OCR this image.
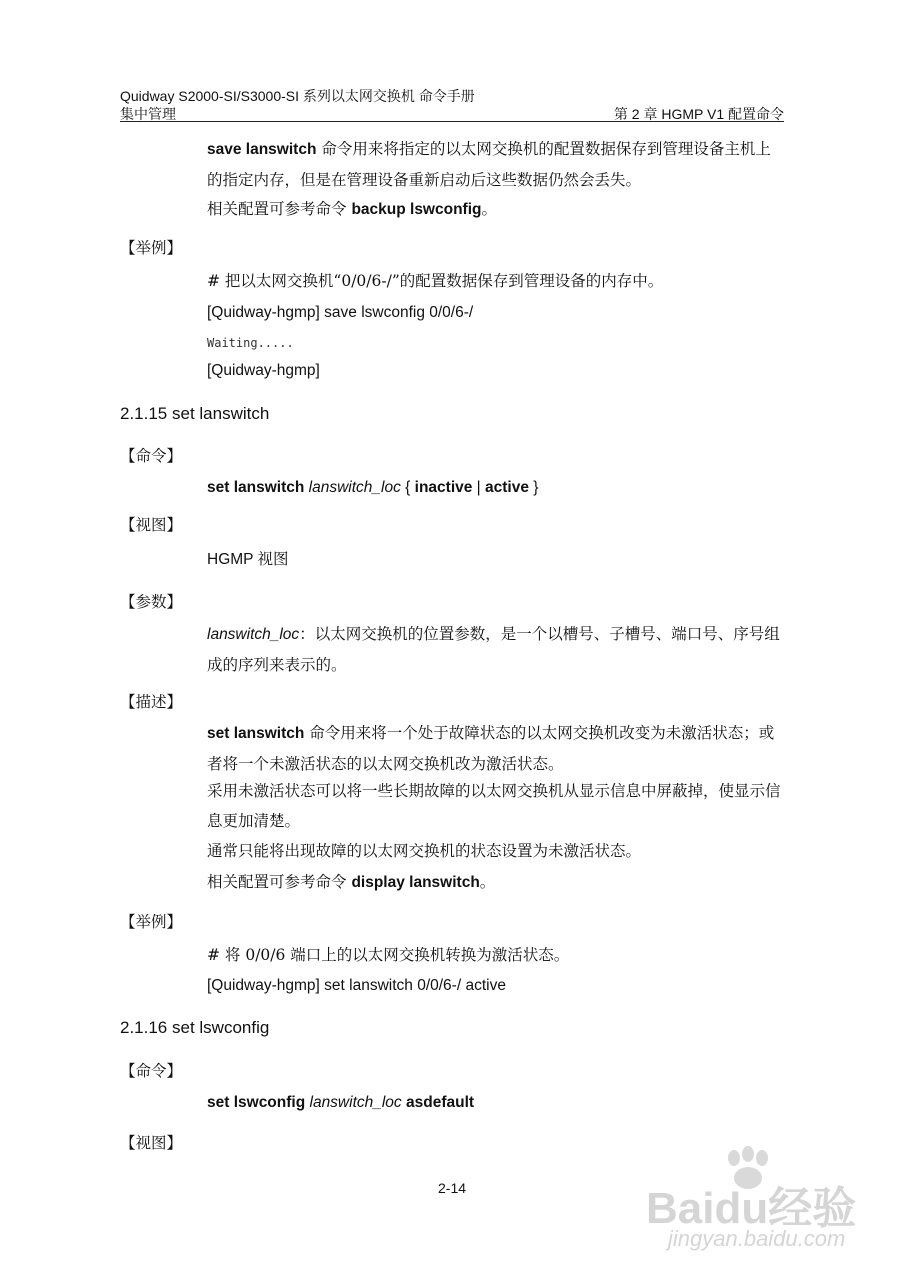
Quidway S2000-SI/S3000-SI 系列以太网交换机 命令手册
集中管理	第 2 章 HGMP V1 配置命令
save lanswitch 命令用来将指定的以太网交换机的配置数据保存到管理设备主机上的指定内存，但是在管理设备重新启动后这些数据仍然会丢失。
相关配置可参考命令 backup lswconfig。
【举例】
# 把以太网交换机“0/0/6-/”的配置数据保存到管理设备的内存中。
[Quidway-hgmp] save lswconfig 0/0/6-/
Waiting.....
[Quidway-hgmp]
2.1.15 set lanswitch
【命令】
set lanswitch lanswitch_loc { inactive | active }
【视图】
HGMP 视图
【参数】
lanswitch_loc：以太网交换机的位置参数，是一个以槽号、子槽号、端口号、序号组成的序列来表示的。
【描述】
set lanswitch 命令用来将一个处于故障状态的以太网交换机改变为未激活状态；或者将一个未激活状态的以太网交换机改为激活状态。
采用未激活状态可以将一些长期故障的以太网交换机从显示信息中屏蔽掉，使显示信息更加清楚。
通常只能将出现故障的以太网交换机的状态设置为未激活状态。
相关配置可参考命令 display lanswitch。
【举例】
# 将 0/0/6 端口上的以太网交换机转换为激活状态。
[Quidway-hgmp] set lanswitch 0/0/6-/ active
2.1.16 set lswconfig
【命令】
set lswconfig lanswitch_loc asdefault
【视图】
2-14	Baidu经验
jingyan.baidu.com
